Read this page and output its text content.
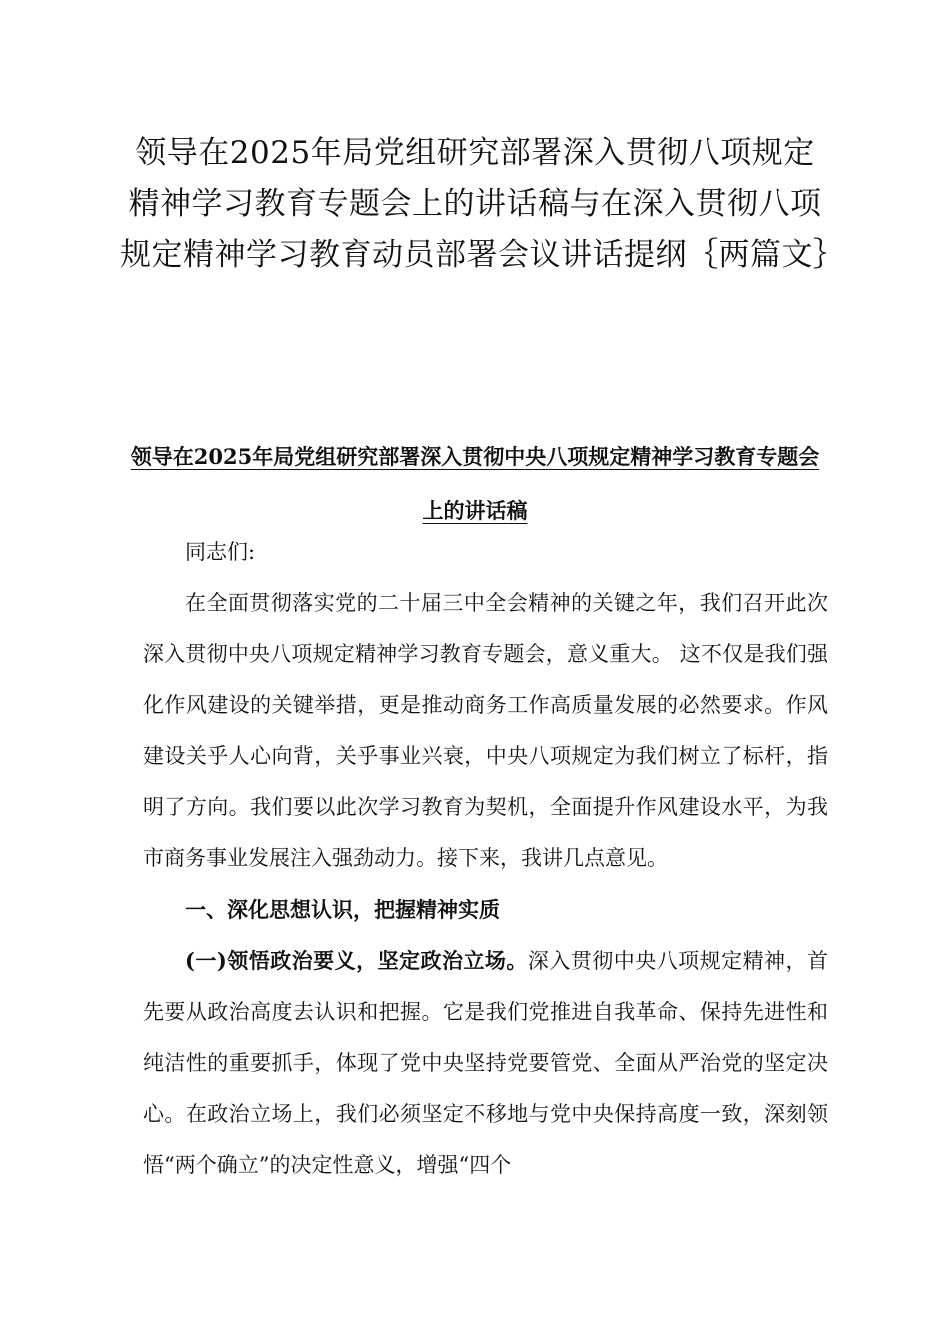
领导在2025年局党组研究部署深入贯彻八项规定精神学习教育专题会上的讲话稿与在深入贯彻八项规定精神学习教育动员部署会议讲话提纲｛两篇文｝
领导在2025年局党组研究部署深入贯彻中央八项规定精神学习教育专题会上的讲话稿

同志们:

在全面贯彻落实党的二十届三中全会精神的关键之年，我们召开此次深入贯彻中央八项规定精神学习教育专题会，意义重大。 这不仅是我们强化作风建设的关键举措，更是推动商务工作高质量发展的必然要求。作风建设关乎人心向背，关乎事业兴衰，中央八项规定为我们树立了标杆，指明了方向。我们要以此次学习教育为契机，全面提升作风建设水平，为我市商务事业发展注入强劲动力。接下来，我讲几点意见。

一、深化思想认识，把握精神实质

(一)领悟政治要义，坚定政治立场。深入贯彻中央八项规定精神，首先要从政治高度去认识和把握。它是我们党推进自我革命、保持先进性和纯洁性的重要抓手，体现了党中央坚持党要管党、全面从严治党的坚定决心。在政治立场上，我们必须坚定不移地与党中央保持高度一致，深刻领悟“两个确立”的决定性意义，增强“四个
